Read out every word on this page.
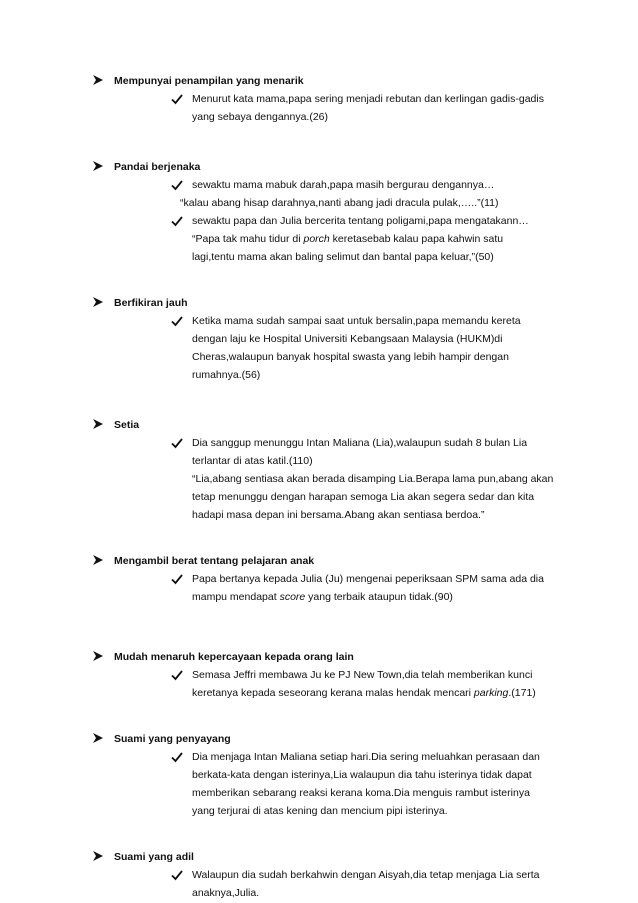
Mempunyai penampilan yang menarik
Menurut kata mama,papa sering menjadi rebutan dan kerlingan gadis-gadis
yang sebaya dengannya.(26)
Pandai berjenaka
sewaktu mama mabuk darah,papa masih bergurau dengannya…
“kalau abang hisap darahnya,nanti abang jadi dracula pulak,…..”(11)
sewaktu papa dan Julia bercerita tentang poligami,papa mengatakann…
“Papa tak mahu tidur di porch keretasebab kalau papa kahwin satu
lagi,tentu mama akan baling selimut dan bantal papa keluar,”(50)
Berfikiran jauh
Ketika mama sudah sampai saat untuk bersalin,papa memandu kereta
dengan laju ke Hospital Universiti Kebangsaan Malaysia (HUKM)di
Cheras,walaupun banyak hospital swasta yang lebih hampir dengan
rumahnya.(56)
Setia
Dia sanggup menunggu Intan Maliana (Lia),walaupun sudah 8 bulan Lia
terlantar di atas katil.(110)
“Lia,abang sentiasa akan berada disamping Lia.Berapa lama pun,abang akan
tetap menunggu dengan harapan semoga Lia akan segera sedar dan kita
hadapi masa depan ini bersama.Abang akan sentiasa berdoa.”
Mengambil berat tentang pelajaran anak
Papa bertanya kepada Julia (Ju) mengenai peperiksaan SPM sama ada dia
mampu mendapat score yang terbaik ataupun tidak.(90)
Mudah menaruh kepercayaan kepada orang lain
Semasa Jeffri membawa Ju ke PJ New Town,dia telah memberikan kunci
keretanya kepada seseorang kerana malas hendak mencari parking.(171)
Suami yang penyayang
Dia menjaga Intan Maliana setiap hari.Dia sering meluahkan perasaan dan
berkata-kata dengan isterinya,Lia walaupun dia tahu isterinya tidak dapat
memberikan sebarang reaksi kerana koma.Dia menguis rambut isterinya
yang terjurai di atas kening dan mencium pipi isterinya.
Suami yang adil
Walaupun dia sudah berkahwin dengan Aisyah,dia tetap menjaga Lia serta
anaknya,Julia.
